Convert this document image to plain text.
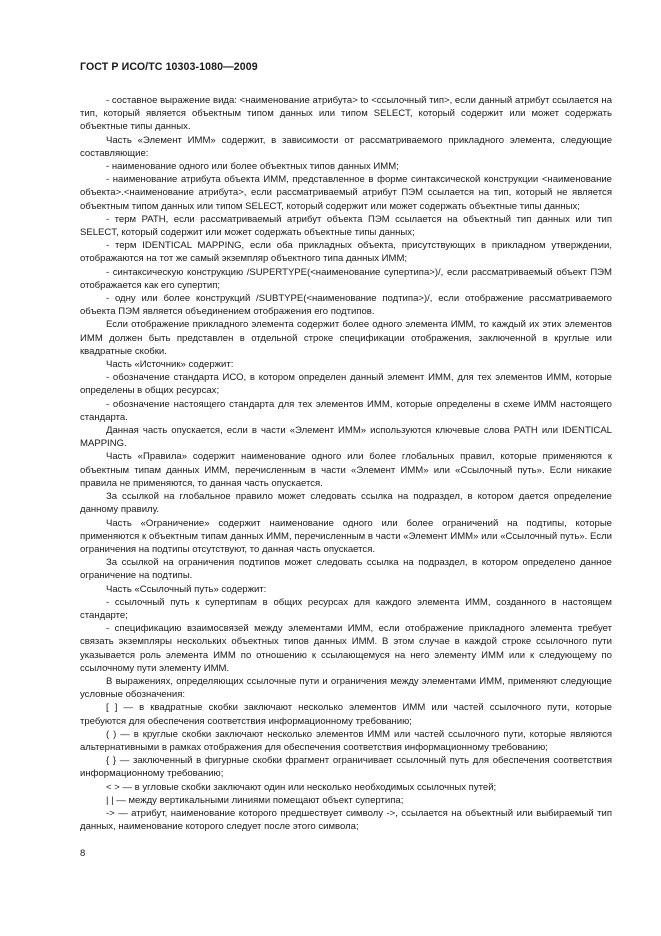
ГОСТ Р ИСО/ТС 10303-1080—2009

- составное выражение вида: <наименование атрибута> to <ссылочный тип>, если данный атрибут ссылается на тип, который является объектным типом данных или типом SELECT, который содержит или может содержать объектные типы данных.

Часть «Элемент ИММ» содержит, в зависимости от рассматриваемого прикладного элемента, следующие составляющие:

- наименование одного или более объектных типов данных ИММ;

- наименование атрибута объекта ИММ, представленное в форме синтаксической конструкции <наименование объекта>.<наименование атрибута>, если рассматриваемый атрибут ПЭМ ссылается на тип, который не является объектным типом данных или типом SELECT, который содержит или может содержать объектные типы данных;

- терм PATH, если рассматриваемый атрибут объекта ПЭМ ссылается на объектный тип данных или тип SELECT, который содержит или может содержать объектные типы данных;

- терм IDENTICAL MAPPING, если оба прикладных объекта, присутствующих в прикладном утверждении, отображаются на тот же самый экземпляр объектного типа данных ИММ;

- синтаксическую конструкцию /SUPERTYPE(<наименование супертипа>)/, если рассматриваемый объект ПЭМ отображается как его супертип;

- одну или более конструкций /SUBTYPE(<наименование подтипа>)/, если отображение рассматриваемого объекта ПЭМ является объединением отображения его подтипов.

Если отображение прикладного элемента содержит более одного элемента ИММ, то каждый их этих элементов ИММ должен быть представлен в отдельной строке спецификации отображения, заключенной в круглые или квадратные скобки.

Часть «Источник» содержит:

- обозначение стандарта ИСО, в котором определен данный элемент ИММ, для тех элементов ИММ, которые определены в общих ресурсах;

- обозначение настоящего стандарта для тех элементов ИММ, которые определены в схеме ИММ настоящего стандарта.

Данная часть опускается, если в части «Элемент ИММ» используются ключевые слова PATH или IDENTICAL MAPPING.

Часть «Правила» содержит наименование одного или более глобальных правил, которые применяются к объектным типам данных ИММ, перечисленным в части «Элемент ИММ» или «Ссылочный путь». Если никакие правила не применяются, то данная часть опускается.

За ссылкой на глобальное правило может следовать ссылка на подраздел, в котором дается определение данному правилу.

Часть «Ограничение» содержит наименование одного или более ограничений на подтипы, которые применяются к объектным типам данных ИММ, перечисленным в части «Элемент ИММ» или «Ссылочный путь». Если ограничения на подтипы отсутствуют, то данная часть опускается.

За ссылкой на ограничения подтипов может следовать ссылка на подраздел, в котором определено данное ограничение на подтипы.

Часть «Ссылочный путь» содержит:

- ссылочный путь к супертипам в общих ресурсах для каждого элемента ИММ, созданного в настоящем стандарте;

- спецификацию взаимосвязей между элементами ИММ, если отображение прикладного элемента требует связать экземпляры нескольких объектных типов данных ИММ. В этом случае в каждой строке ссылочного пути указывается роль элемента ИММ по отношению к ссылающемуся на него элементу ИММ или к следующему по ссылочному пути элементу ИММ.

В выражениях, определяющих ссылочные пути и ограничения между элементами ИММ, применяют следующие условные обозначения:

[ ] — в квадратные скобки заключают несколько элементов ИММ или частей ссылочного пути, которые требуются для обеспечения соответствия информационному требованию;

( ) — в круглые скобки заключают несколько элементов ИММ или частей ссылочного пути, которые являются альтернативными в рамках отображения для обеспечения соответствия информационному требованию;

{ } — заключенный в фигурные скобки фрагмент ограничивает ссылочный путь для обеспечения соответствия информационному требованию;

< > — в угловые скобки заключают один или несколько необходимых ссылочных путей;

| | — между вертикальными линиями помещают объект супертипа;

-> — атрибут, наименование которого предшествует символу ->, ссылается на объектный или выбираемый тип данных, наименование которого следует после этого символа;

8
